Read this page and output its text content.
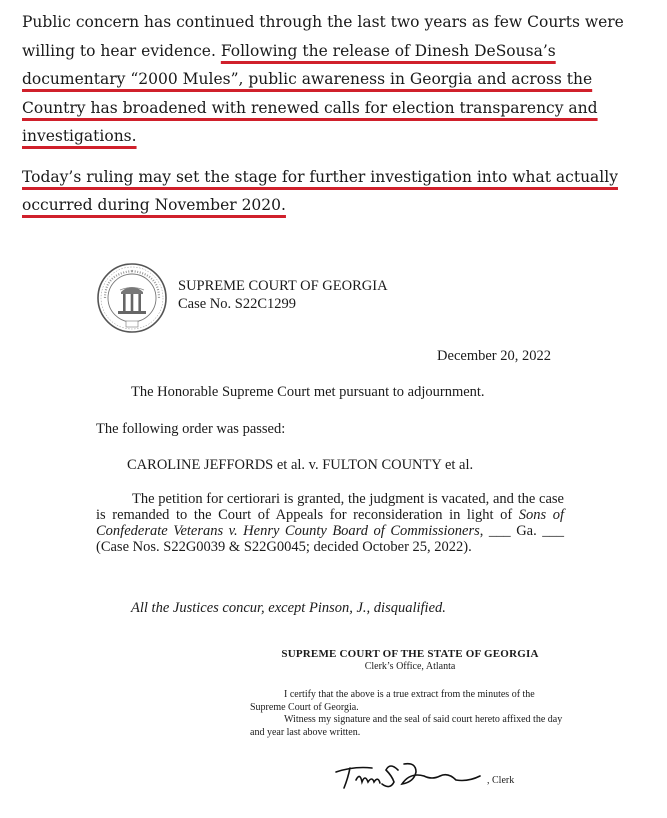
Public concern has continued through the last two years as few Courts were willing to hear evidence. Following the release of Dinesh DeSousa’s documentary “2000 Mules”, public awareness in Georgia and across the Country has broadened with renewed calls for election transparency and investigations.

Today’s ruling may set the stage for further investigation into what actually occurred during November 2020.

SUPREME COURT OF GEORGIA
Case No. S22C1299
December 20, 2022
The Honorable Supreme Court met pursuant to adjournment.
The following order was passed:
CAROLINE JEFFORDS et al. v. FULTON COUNTY et al.
The petition for certiorari is granted, the judgment is vacated, and the case is remanded to the Court of Appeals for reconsideration in light of Sons of Confederate Veterans v. Henry County Board of Commissioners, ___ Ga. ___ (Case Nos. S22G0039 & S22G0045; decided October 25, 2022).
All the Justices concur, except Pinson, J., disqualified.
SUPREME COURT OF THE STATE OF GEORGIA
Clerk’s Office, Atlanta
I certify that the above is a true extract from the minutes of the Supreme Court of Georgia.
Witness my signature and the seal of said court hereto affixed the day and year last above written.
, Clerk
